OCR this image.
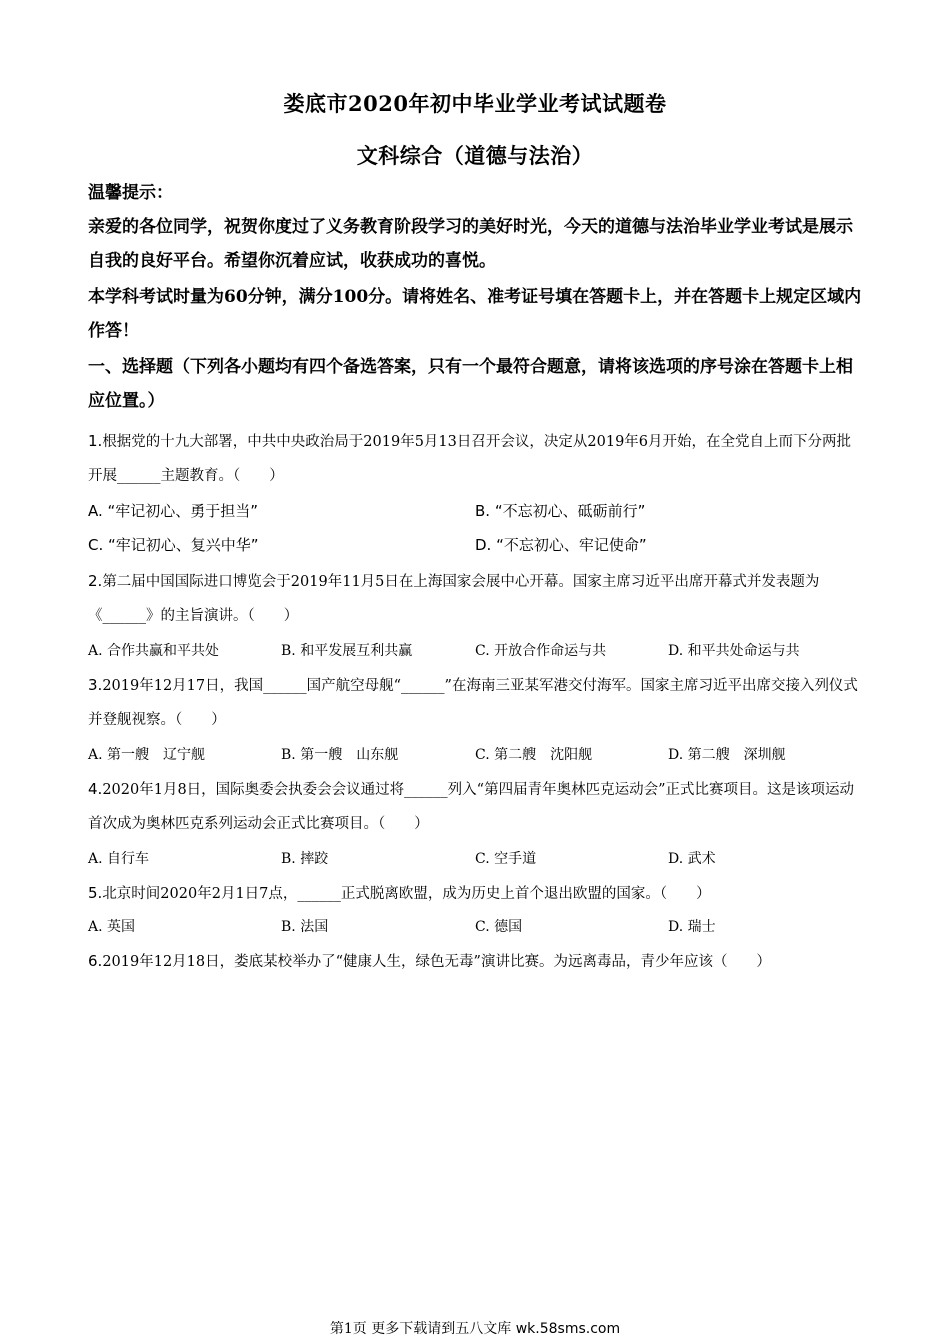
娄底市2020年初中毕业学业考试试题卷
文科综合（道德与法治）
温馨提示：
亲爱的各位同学，祝贺你度过了义务教育阶段学习的美好时光，今天的道德与法治毕业学业考试是展示自我的良好平台。希望你沉着应试，收获成功的喜悦。
本学科考试时量为60分钟，满分100分。请将姓名、准考证号填在答题卡上，并在答题卡上规定区域内作答！
一、选择题（下列各小题均有四个备选答案，只有一个最符合题意，请将该选项的序号涂在答题卡上相应位置。）
1.根据党的十九大部署，中共中央政治局于2019年5月13日召开会议，决定从2019年6月开始，在全党自上而下分两批开展______主题教育。（　　）
A. “牢记初心、勇于担当”	B. “不忘初心、砥砺前行”
C. “牢记初心、复兴中华”	D. “不忘初心、牢记使命”
2.第二届中国国际进口博览会于2019年11月5日在上海国家会展中心开幕。国家主席习近平出席开幕式并发表题为《______》的主旨演讲。（　　）
A. 合作共赢和平共处	B. 和平发展互利共赢	C. 开放合作命运与共	D. 和平共处命运与共
3.2019年12月17日，我国______国产航空母舰“______”在海南三亚某军港交付海军。国家主席习近平出席交接入列仪式并登舰视察。（　　）
A. 第一艘　辽宁舰	B. 第一艘　山东舰	C. 第二艘　沈阳舰	D. 第二艘　深圳舰
4.2020年1月8日，国际奥委会执委会会议通过将______列入“第四届青年奥林匹克运动会”正式比赛项目。这是该项运动首次成为奥林匹克系列运动会正式比赛项目。（　　）
A. 自行车	B. 摔跤	C. 空手道	D. 武术
5.北京时间2020年2月1日7点，______正式脱离欧盟，成为历史上首个退出欧盟的国家。（　　）
A. 英国	B. 法国	C. 德国	D. 瑞士
6.2019年12月18日，娄底某校举办了“健康人生，绿色无毒”演讲比赛。为远离毒品，青少年应该（　　）
第1页 更多下载请到五八文库 wk.58sms.com
